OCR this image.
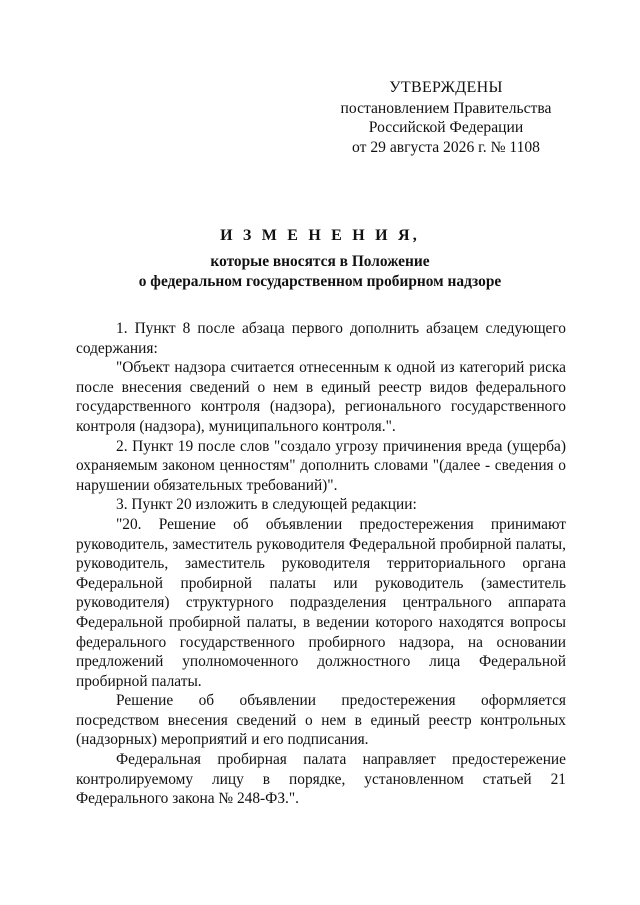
УТВЕРЖДЕНЫ
постановлением Правительства
Российской Федерации
от 29 августа 2026 г. № 1108
И З М Е Н Е Н И Я,
которые вносятся в Положение
о федеральном государственном пробирном надзоре

1. Пункт 8 после абзаца первого дополнить абзацем следующего содержания:

"Объект надзора считается отнесенным к одной из категорий риска после внесения сведений о нем в единый реестр видов федерального государственного контроля (надзора), регионального государственного контроля (надзора), муниципального контроля.".

2. Пункт 19 после слов "создало угрозу причинения вреда (ущерба) охраняемым законом ценностям" дополнить словами "(далее - сведения о нарушении обязательных требований)".

3. Пункт 20 изложить в следующей редакции:

"20. Решение об объявлении предостережения принимают руководитель, заместитель руководителя Федеральной пробирной палаты, руководитель, заместитель руководителя территориального органа Федеральной пробирной палаты или руководитель (заместитель руководителя) структурного подразделения центрального аппарата Федеральной пробирной палаты, в ведении которого находятся вопросы федерального государственного пробирного надзора, на основании предложений уполномоченного должностного лица Федеральной пробирной палаты.

Решение об объявлении предостережения оформляется посредством внесения сведений о нем в единый реестр контрольных (надзорных) мероприятий и его подписания.

Федеральная пробирная палата направляет предостережение контролируемому лицу в порядке, установленном статьей 21 Федерального закона № 248-ФЗ.".
